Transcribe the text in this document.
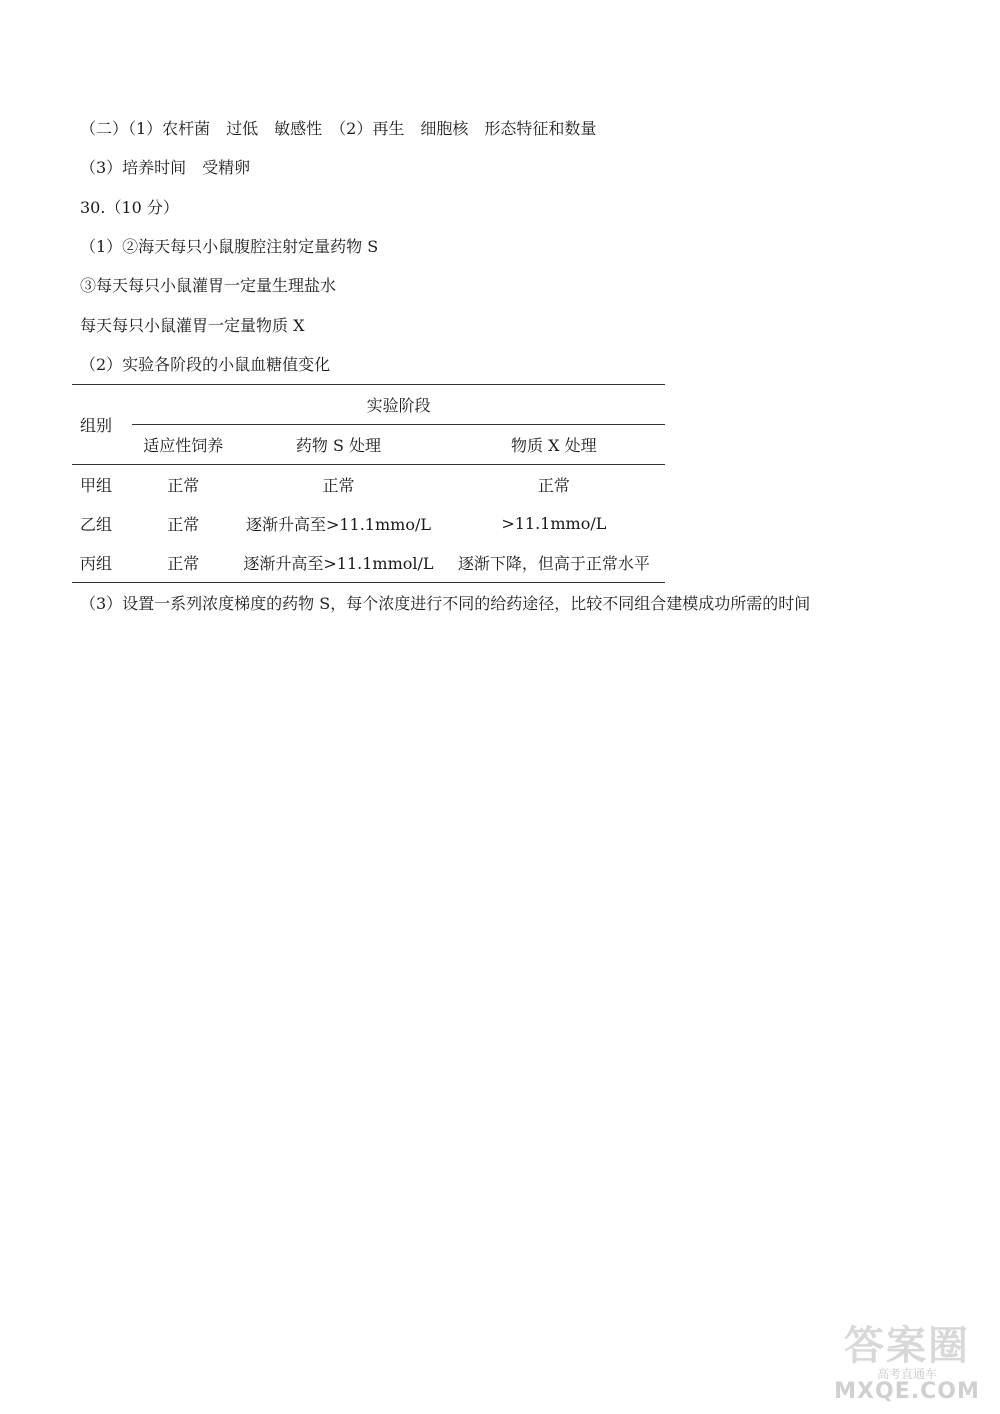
（二）（1）农杆菌　过低　敏感性　（2）再生　细胞核　形态特征和数量
（3）培养时间　受精卵
30.（10 分）
（1）②海天每只小鼠腹腔注射定量药物 S
③每天每只小鼠灌胃一定量生理盐水
每天每只小鼠灌胃一定量物质 X
（2）实验各阶段的小鼠血糖值变化
组别	实验阶段		
	适应性饲养	药物 S 处理	物质 X 处理
甲组	正常	正常	正常
乙组	正常	逐渐升高至>11.1mmo/L	>11.1mmo/L
丙组	正常	逐渐升高至>11.1mmol/L	逐渐下降，但高于正常水平
（3）设置一系列浓度梯度的药物 S，每个浓度进行不同的给药途径，比较不同组合建模成功所需的时间
答案圈
高考直通车
MXQE.COM
